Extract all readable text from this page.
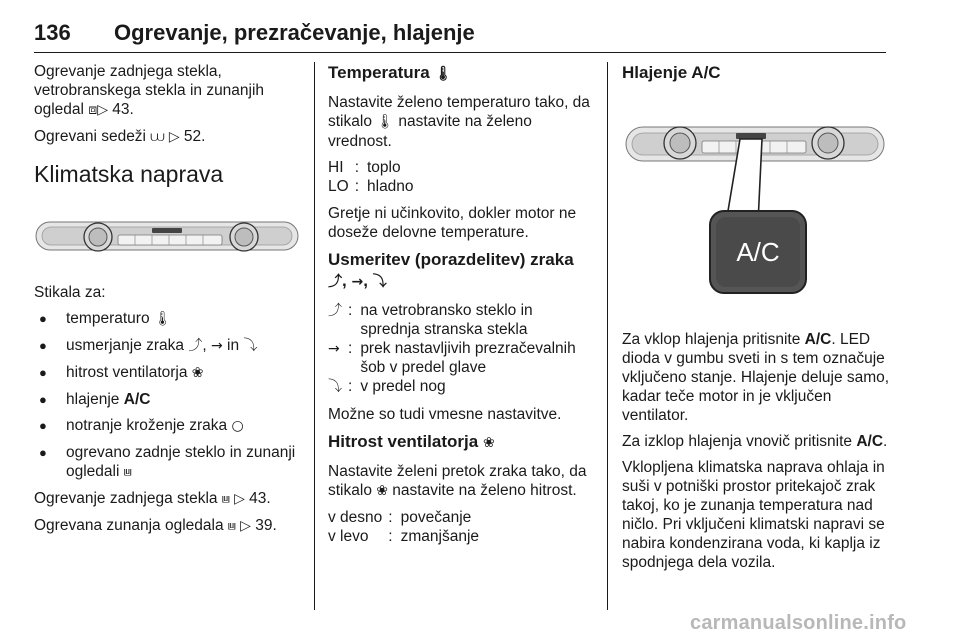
136 Ogrevanje, prezračevanje, hlajenje

Ogrevanje zadnjega stekla, vetrobranskega stekla in zunanjih ogledal ⧈▷ 43.

Ogrevani sedeži ⩊ ▷ 52.

Klimatska naprava

Stikala za:

● temperaturo 🌡
● usmerjanje zraka ⤴, → in ⤵
● hitrost ventilatorja ❀
● hlajenje A/C
● notranje kroženje zraka ○
● ogrevano zadnje steklo in zunanji ogledali ⩏

Ogrevanje zadnjega stekla ⩏ ▷ 43.

Ogrevana zunanja ogledala ⩏ ▷ 39.

Temperatura 🌡

Nastavite želeno temperaturo tako, da stikalo 🌡 nastavite na želeno vrednost.

HI	:	toplo
LO	:	hladno

Gretje ni učinkovito, dokler motor ne doseže delovne temperature.

Usmeritev (porazdelitev) zraka ⤴, →, ⤵
⤴	:	na vetrobransko steklo in sprednja stranska stekla
→	:	prek nastavljivih prezračevalnih šob v predel glave
⤵	:	v predel nog

Možne so tudi vmesne nastavitve.

Hitrost ventilatorja ❀

Nastavite želeni pretok zraka tako, da stikalo ❀ nastavite na želeno hitrost.

v desno	:	povečanje
v levo	:	zmanjšanje
Hlajenje A/C
A/C

Za vklop hlajenja pritisnite A/C. LED dioda v gumbu sveti in s tem označuje vključeno stanje. Hlajenje deluje samo, kadar teče motor in je vključen ventilator.

Za izklop hlajenja vnovič pritisnite A/C.

Vklopljena klimatska naprava ohlaja in suši v potniški prostor pritekajoč zrak takoj, ko je zunanja temperatura nad ničlo. Pri vključeni klimatski napravi se nabira kondenzirana voda, ki kaplja iz spodnjega dela vozila.

carmanualsonline.info
